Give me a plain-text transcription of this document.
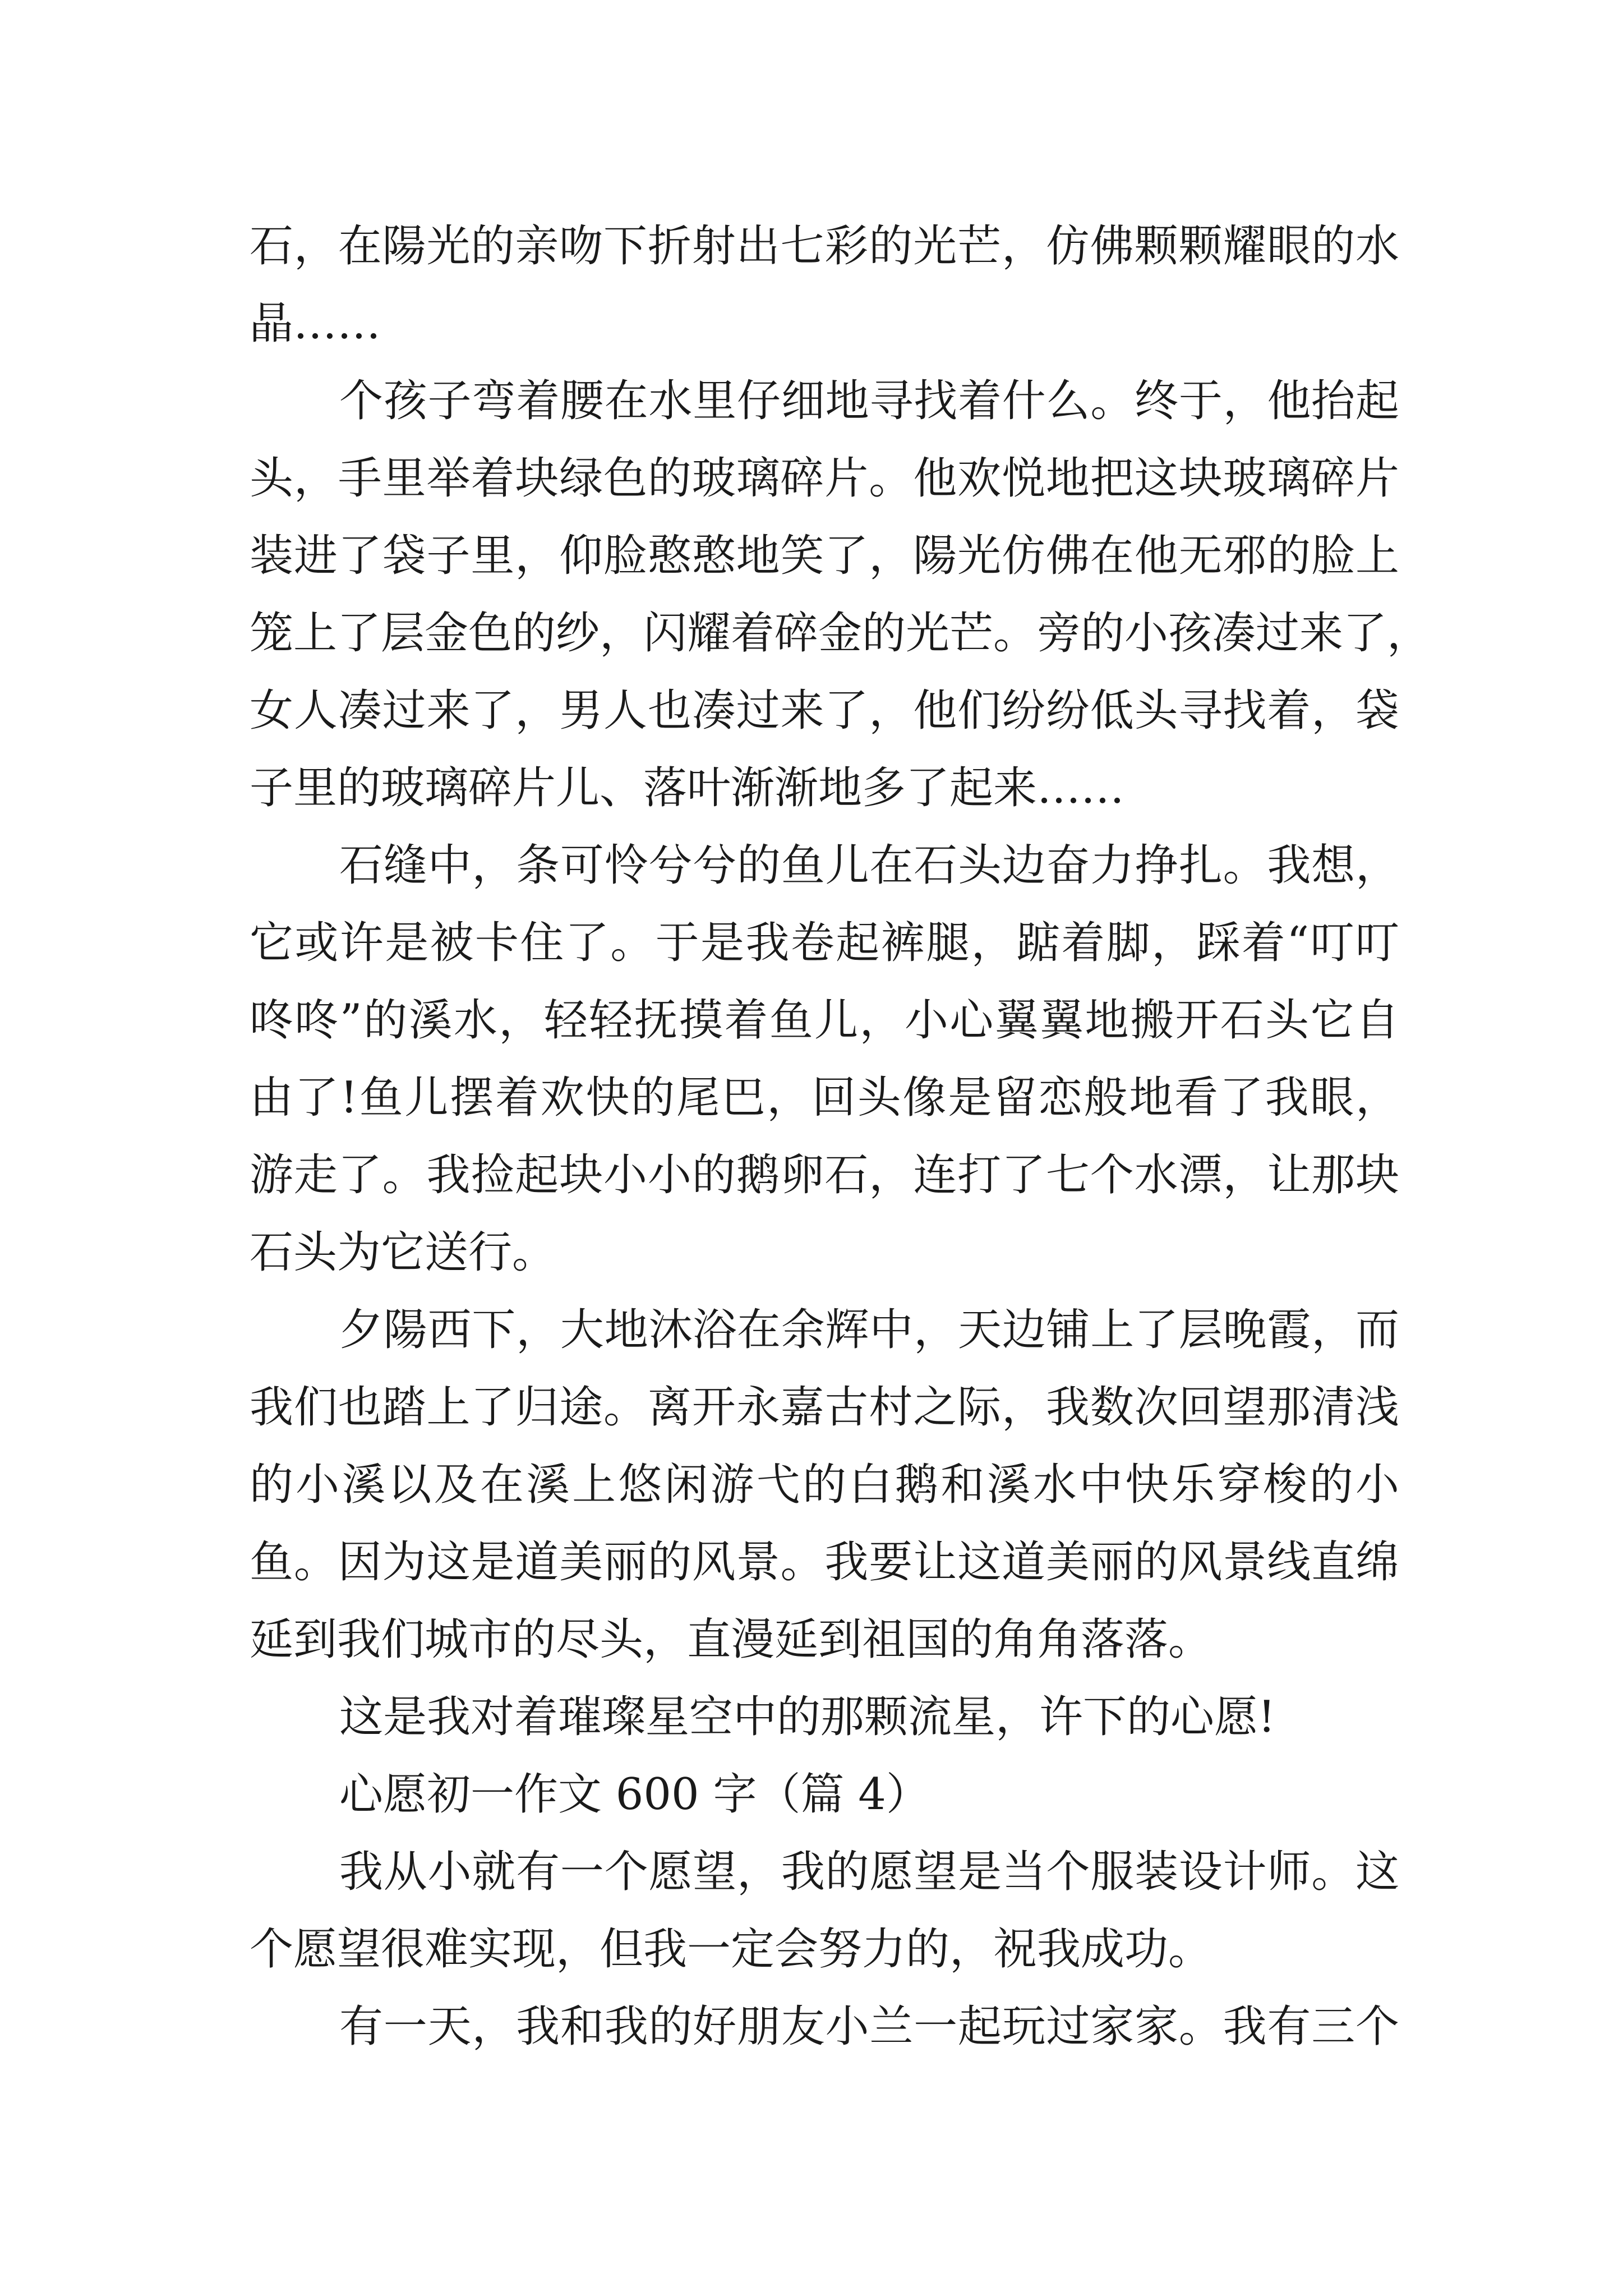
石，在陽光的亲吻下折射出七彩的光芒，仿佛颗颗耀眼的水
晶……
个孩子弯着腰在水里仔细地寻找着什么。终于，他抬起
头，手里举着块绿色的玻璃碎片。他欢悦地把这块玻璃碎片
装进了袋子里，仰脸憨憨地笑了，陽光仿佛在他无邪的脸上
笼上了层金色的纱，闪耀着碎金的光芒。旁的小孩凑过来了，
女人凑过来了，男人也凑过来了，他们纷纷低头寻找着，袋
子里的玻璃碎片儿、落叶渐渐地多了起来……
石缝中，条可怜兮兮的鱼儿在石头边奋力挣扎。我想，
它或许是被卡住了。于是我卷起裤腿，踮着脚，踩着“叮叮
咚咚”的溪水，轻轻抚摸着鱼儿，小心翼翼地搬开石头它自
由了!鱼儿摆着欢快的尾巴，回头像是留恋般地看了我眼，
游走了。我捡起块小小的鹅卵石，连打了七个水漂，让那块
石头为它送行。
夕陽西下，大地沐浴在余辉中，天边铺上了层晚霞，而
我们也踏上了归途。离开永嘉古村之际，我数次回望那清浅
的小溪以及在溪上悠闲游弋的白鹅和溪水中快乐穿梭的小
鱼。因为这是道美丽的风景。我要让这道美丽的风景线直绵
延到我们城市的尽头，直漫延到祖国的角角落落。
这是我对着璀璨星空中的那颗流星，许下的心愿!
心愿初一作文 600 字（篇 4）
我从小就有一个愿望，我的愿望是当个服装设计师。这
个愿望很难实现，但我一定会努力的，祝我成功。
有一天，我和我的好朋友小兰一起玩过家家。我有三个
